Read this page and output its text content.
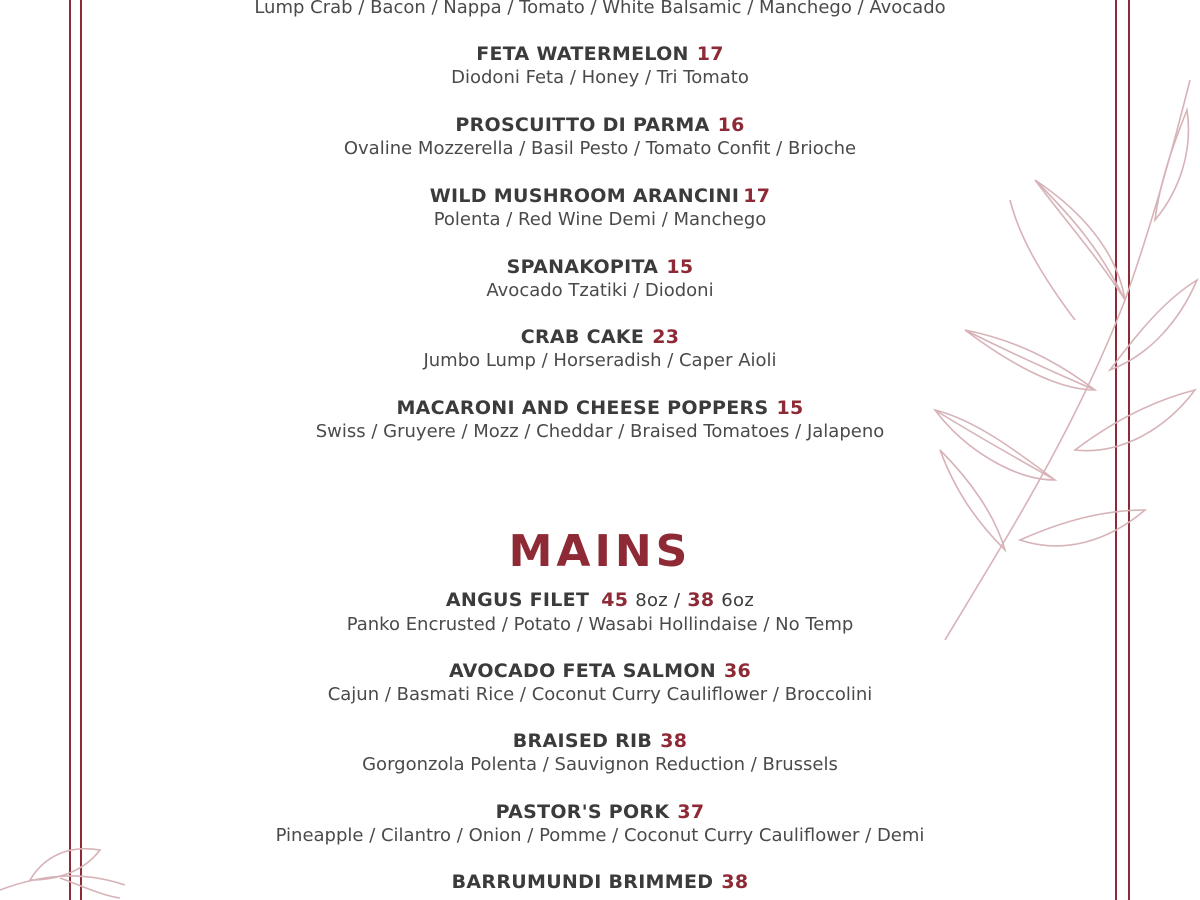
Lump Crab / Bacon / Nappa / Tomato / White Balsamic / Manchego / Avocado
FETA WATERMELON 17
Diodoni Feta / Honey / Tri Tomato
PROSCUITTO DI PARMA 16
Ovaline Mozzerella / Basil Pesto / Tomato Confit / Brioche
WILD MUSHROOM ARANCINI 17
Polenta / Red Wine Demi / Manchego
SPANAKOPITA 15
Avocado Tzatiki / Diodoni
CRAB CAKE 23
Jumbo Lump / Horseradish / Caper Aioli
MACARONI AND CHEESE POPPERS 15
Swiss / Gruyere / Mozz / Cheddar / Braised Tomatoes / Jalapeno
MAINS
ANGUS FILET 45 8oz / 38 6oz
Panko Encrusted / Potato / Wasabi Hollindaise / No Temp
AVOCADO FETA SALMON 36
Cajun / Basmati Rice / Coconut Curry Cauliflower / Broccolini
BRAISED RIB 38
Gorgonzola Polenta / Sauvignon Reduction / Brussels
PASTOR'S PORK 37
Pineapple / Cilantro / Onion / Pomme / Coconut Curry Cauliflower / Demi
BARRUMUNDI BRIMMED 38
